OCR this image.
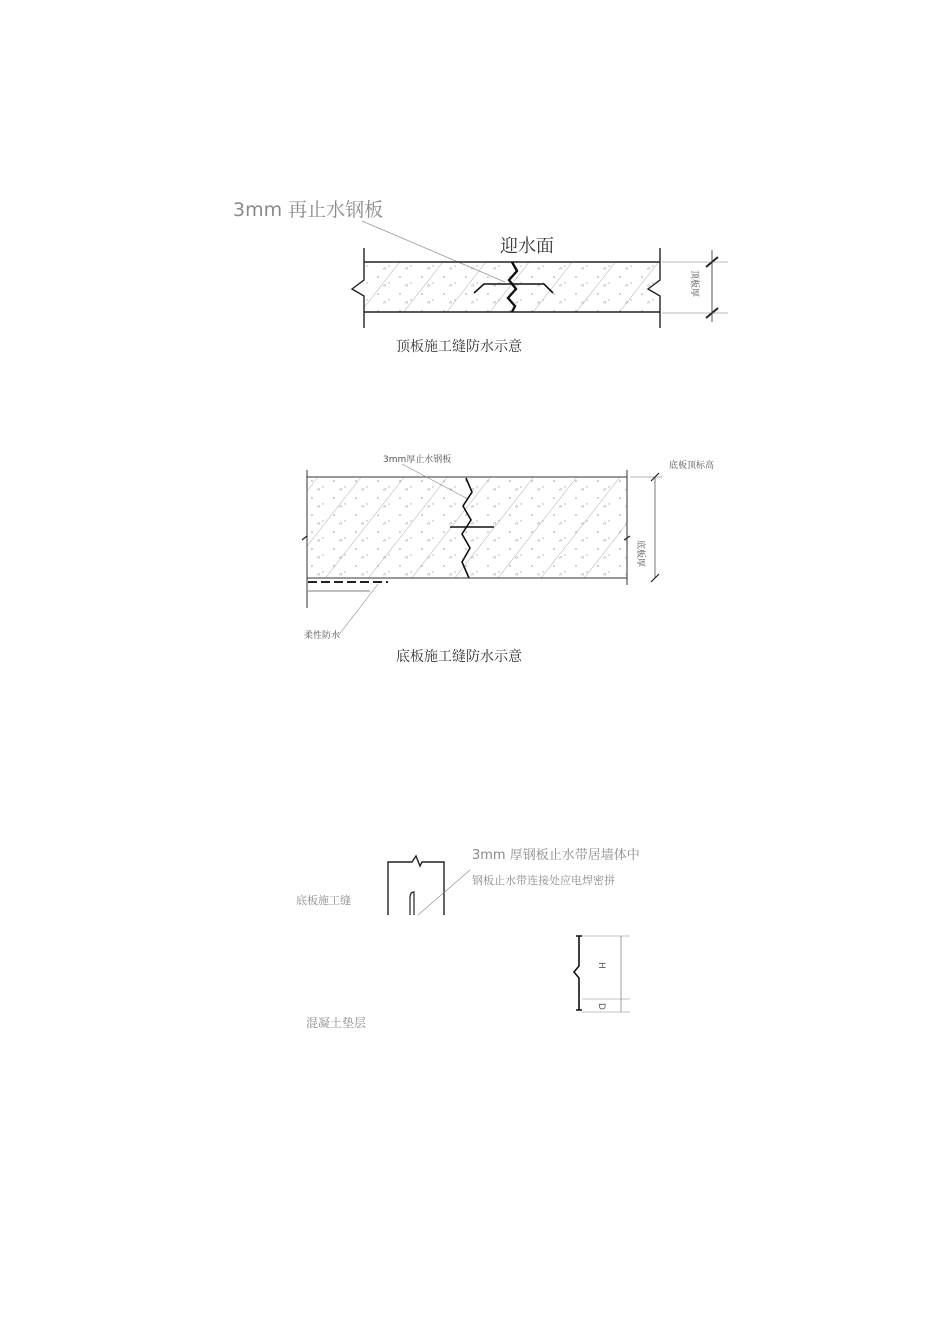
3mm 再止水钢板
迎水面
顶板厚
顶板施工缝防水示意
3mm厚止水钢板
底板顶标高
底板厚
柔性防水
底板施工缝防水示意
3mm 厚钢板止水带居墙体中
钢板止水带连接处应电焊密拼
底板施工缝
混凝土垫层
H
D
